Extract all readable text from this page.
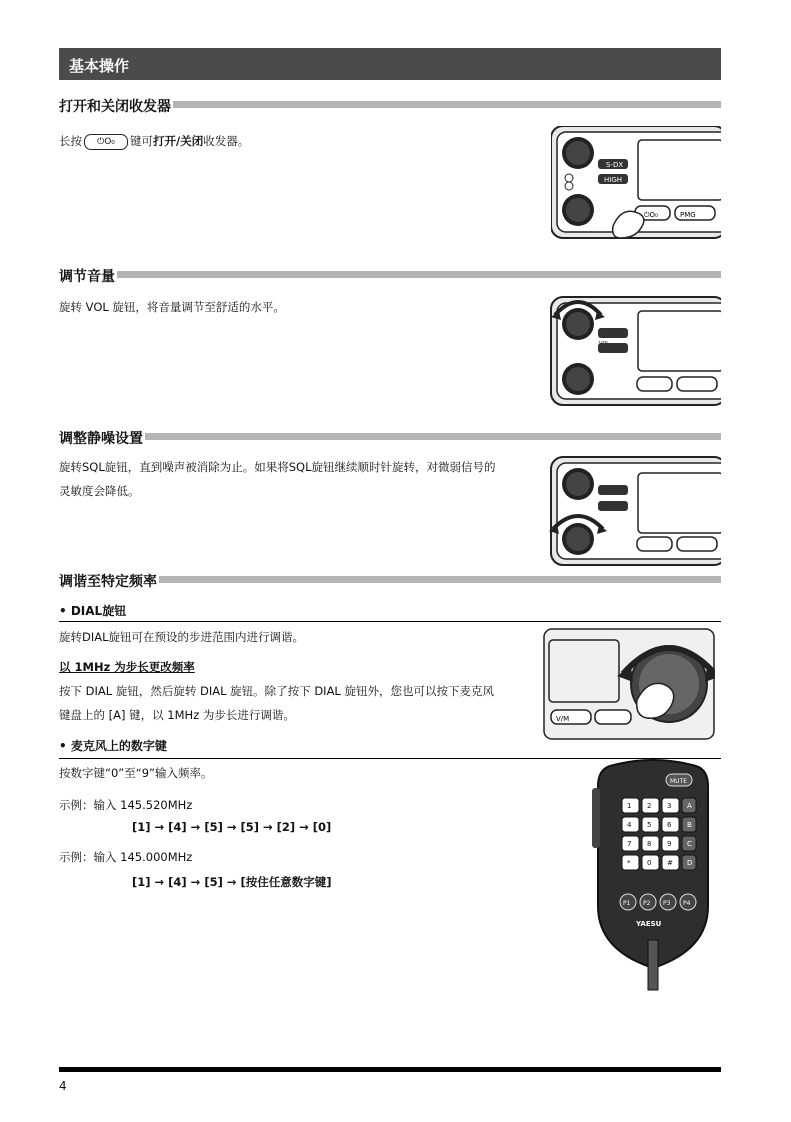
基本操作
打开和关闭收发器
长按 ⏻O₀ 键可打开/关闭收发器。
S-DX
HIGH
⏻O₀	PMG
调节音量
旋转 VOL 旋钮，将音量调节至舒适的水平。
调整静噪设置
旋转SQL旋钮，直到噪声被消除为止。如果将SQL旋钮继续顺时针旋转，对微弱信号的
灵敏度会降低。
调谐至特定频率
• DIAL旋钮
旋转DIAL旋钮可在预设的步进范围内进行调谐。
以 1MHz 为步长更改频率
按下 DIAL 旋钮，然后旋转 DIAL 旋钮。除了按下 DIAL 旋钮外，您也可以按下麦克风
键盘上的 [A] 键，以 1MHz 为步长进行调谐。	V/M
• 麦克风上的数字键
按数字键“0”至“9”输入频率。
示例：输入 145.520MHz
[1] → [4] → [5] → [5] → [2] → [0]
示例：输入 145.000MHz
[1] → [4] → [5] → [按住任意数字键]
MUTE
1 2 3 A
4 5 6 B
7 8 9 C
* 0 # D
P1 P2 P3 P4
YAESU
4
